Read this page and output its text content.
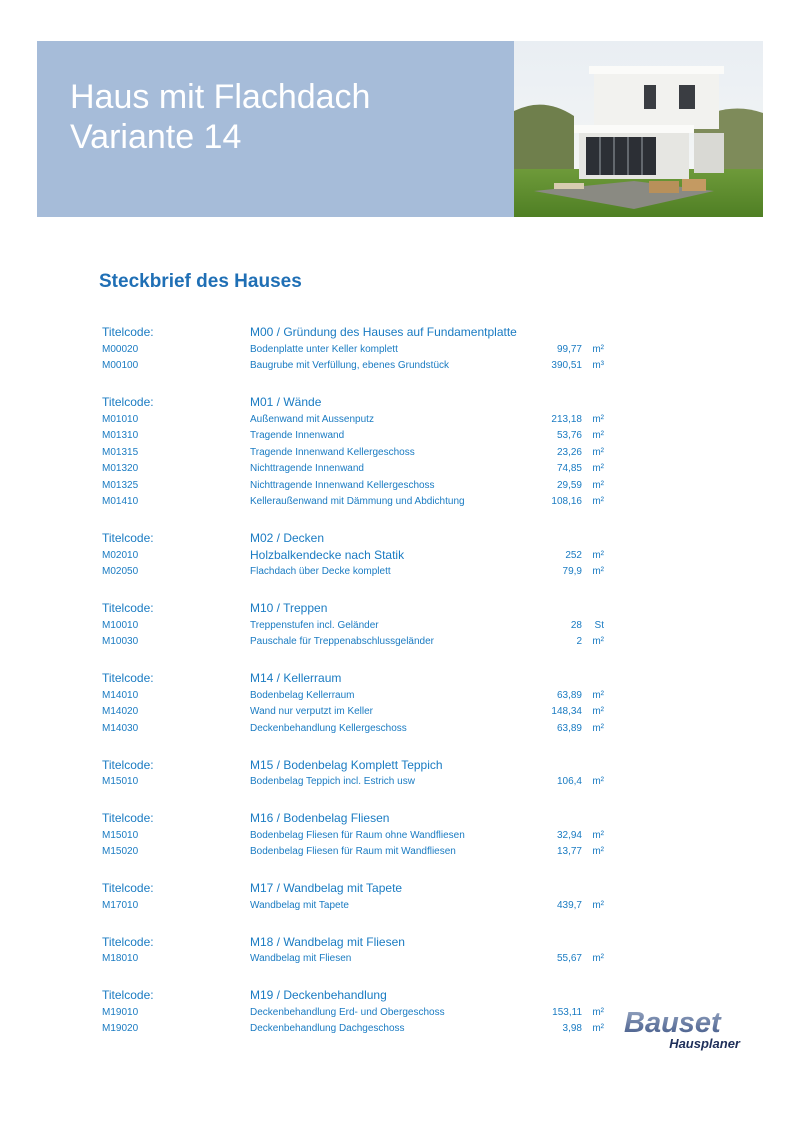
Haus mit Flachdach
Variante 14
Steckbrief des Hauses
Titelcode:	M00 / Gründung des Hauses auf Fundamentplatte
M00020	Bodenplatte unter Keller komplett	99,77	m²
M00100	Baugrube mit Verfüllung, ebenes Grundstück	390,51	m³
Titelcode:	M01 / Wände
M01010	Außenwand mit Aussenputz	213,18	m²
M01310	Tragende Innenwand	53,76	m²
M01315	Tragende Innenwand Kellergeschoss	23,26	m²
M01320	Nichttragende Innenwand	74,85	m²
M01325	Nichttragende Innenwand Kellergeschoss	29,59	m²
M01410	Kelleraußenwand mit Dämmung und Abdichtung	108,16	m²
Titelcode:	M02 / Decken
M02010	Holzbalkendecke nach Statik	252	m²
M02050	Flachdach über Decke komplett	79,9	m²
Titelcode:	M10 / Treppen
M10010	Treppenstufen incl. Geländer	28	St
M10030	Pauschale für Treppenabschlussgeländer	2	m²
Titelcode:	M14 / Kellerraum
M14010	Bodenbelag Kellerraum	63,89	m²
M14020	Wand nur verputzt im Keller	148,34	m²
M14030	Deckenbehandlung Kellergeschoss	63,89	m²
Titelcode:	M15 / Bodenbelag Komplett Teppich
M15010	Bodenbelag Teppich incl. Estrich usw	106,4	m²
Titelcode:	M16 / Bodenbelag Fliesen
M15010	Bodenbelag Fliesen für Raum ohne Wandfliesen	32,94	m²
M15020	Bodenbelag Fliesen für Raum mit Wandfliesen	13,77	m²
Titelcode:	M17 / Wandbelag mit Tapete
M17010	Wandbelag mit Tapete	439,7	m²
Titelcode:	M18 / Wandbelag mit Fliesen
M18010	Wandbelag mit Fliesen	55,67	m²
Titelcode:	M19 / Deckenbehandlung
M19010	Deckenbehandlung Erd- und Obergeschoss	153,11	m²
M19020	Deckenbehandlung Dachgeschoss	3,98	m² Bauset
Hausplaner
